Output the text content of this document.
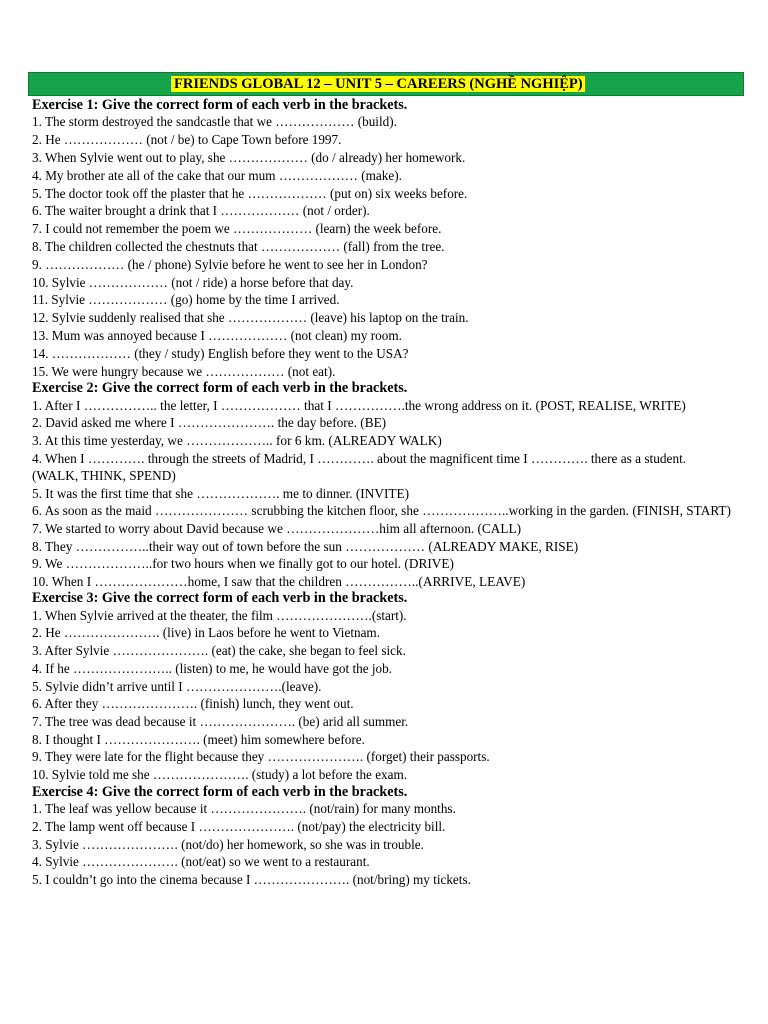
FRIENDS GLOBAL 12 – UNIT 5 – CAREERS (NGHỀ NGHIỆP)
Exercise 1: Give the correct form of each verb in the brackets.
1. The storm destroyed the sandcastle that we ……………… (build).
2. He ……………… (not / be) to Cape Town before 1997.
3. When Sylvie went out to play, she ……………… (do / already) her homework.
4. My brother ate all of the cake that our mum ……………… (make).
5. The doctor took off the plaster that he ……………… (put on) six weeks before.
6. The waiter brought a drink that I ……………… (not / order).
7. I could not remember the poem we ……………… (learn) the week before.
8. The children collected the chestnuts that ……………… (fall) from the tree.
9. ……………… (he / phone) Sylvie before he went to see her in London?
10. Sylvie ……………… (not / ride) a horse before that day.
11. Sylvie ……………… (go) home by the time I arrived.
12. Sylvie suddenly realised that she ……………… (leave) his laptop on the train.
13. Mum was annoyed because I ……………… (not clean) my room.
14. ……………… (they / study) English before they went to the USA?
15. We were hungry because we ……………… (not eat).
Exercise 2: Give the correct form of each verb in the brackets.
1. After I …………….. the letter, I ……………… that I …………….the wrong address on it. (POST, REALISE, WRITE)
2. David asked me where I …………………. the day before. (BE)
3. At this time yesterday, we ……………….. for 6 km. (ALREADY WALK)
4. When I …………. through the streets of Madrid, I …………. about the magnificent time I …………. there as a student. (WALK, THINK, SPEND)
5. It was the first time that she ………………. me to dinner. (INVITE)
6. As soon as the maid ………………… scrubbing the kitchen floor, she ………………..working in the garden. (FINISH, START)
7. We started to worry about David because we …………………him all afternoon. (CALL)
8. They ……………..their way out of town before the sun ……………… (ALREADY MAKE, RISE)
9. We ………………..for two hours when we finally got to our hotel. (DRIVE)
10. When I …………………home, I saw that the children ……………..(ARRIVE, LEAVE)
Exercise 3: Give the correct form of each verb in the brackets.
1. When Sylvie arrived at the theater, the film ………………….(start).
2. He …………………. (live) in Laos before he went to Vietnam.
3. After Sylvie …………………. (eat) the cake, she began to feel sick.
4. If he ………………….. (listen) to me, he would have got the job.
5. Sylvie didn’t arrive until I ………………….(leave).
6. After they …………………. (finish) lunch, they went out.
7. The tree was dead because it …………………. (be) arid all summer.
8. I thought I …………………. (meet) him somewhere before.
9. They were late for the flight because they …………………. (forget) their passports.
10. Sylvie told me she …………………. (study) a lot before the exam.
Exercise 4: Give the correct form of each verb in the brackets.
1. The leaf was yellow because it …………………. (not/rain) for many months.
2. The lamp went off because I …………………. (not/pay) the electricity bill.
3. Sylvie …………………. (not/do) her homework, so she was in trouble.
4. Sylvie …………………. (not/eat) so we went to a restaurant.
5. I couldn’t go into the cinema because I …………………. (not/bring) my tickets.
